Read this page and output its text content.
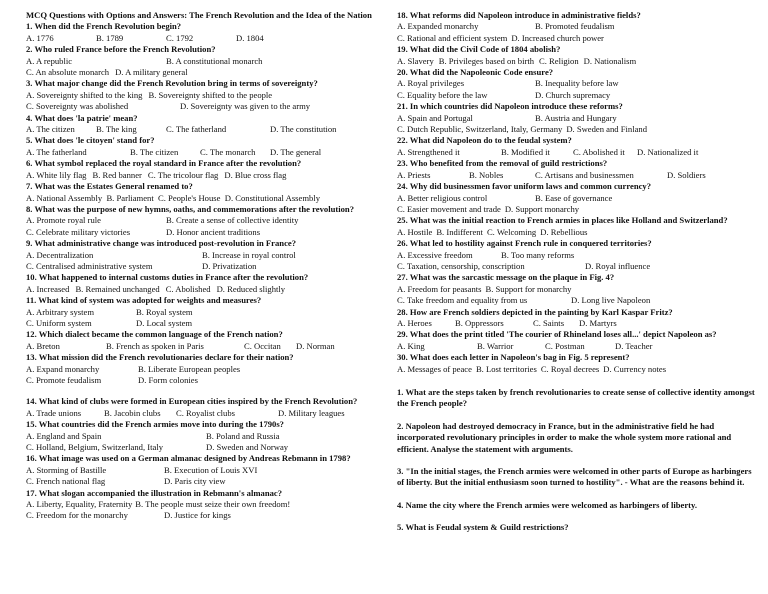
MCQ Questions with Options and Answers: The French Revolution and the Idea of the Nation
1. When did the French Revolution begin?
A. 1776	B. 1789	C. 1792	D. 1804
2. Who ruled France before the French Revolution?
A. A republic	B. A constitutional monarch
C. An absolute monarch D. A military general
3. What major change did the French Revolution bring in terms of sovereignty?
A. Sovereignty shifted to the king B. Sovereignty shifted to the people
C. Sovereignty was abolished	D. Sovereignty was given to the army
4. What does 'la patrie' mean?
A. The citizen	B. The king	C. The fatherland	D. The constitution
5. What does 'le citoyen' stand for?
A. The fatherland	B. The citizen	C. The monarch	D. The general
6. What symbol replaced the royal standard in France after the revolution?
A. White lily flag B. Red banner C. The tricolour flag D. Blue cross flag
7. What was the Estates General renamed to?
A. National Assembly B. Parliament C. People's House D. Constitutional Assembly
8. What was the purpose of new hymns, oaths, and commemorations after the revolution?
A. Promote royal rule	B. Create a sense of collective identity
C. Celebrate military victories	D. Honor ancient traditions
9. What administrative change was introduced post-revolution in France?
A. Decentralization	B. Increase in royal control
C. Centralised administrative system	D. Privatization
10. What happened to internal customs duties in France after the revolution?
A. Increased B. Remained unchanged C. Abolished D. Reduced slightly
11. What kind of system was adopted for weights and measures?
A. Arbitrary system	B. Royal system
C. Uniform system	D. Local system
12. Which dialect became the common language of the French nation?
A. Breton	B. French as spoken in Paris	C. Occitan	D. Norman
13. What mission did the French revolutionaries declare for their nation?
A. Expand monarchy	B. Liberate European peoples
C. Promote feudalism	D. Form colonies
14. What kind of clubs were formed in European cities inspired by the French Revolution?
A. Trade unions	B. Jacobin clubs	C. Royalist clubs	D. Military leagues
15. What countries did the French armies move into during the 1790s?
A. England and Spain	B. Poland and Russia
C. Holland, Belgium, Switzerland, Italy	D. Sweden and Norway
16. What image was used on a German almanac designed by Andreas Rebmann in 1798?
A. Storming of Bastille	B. Execution of Louis XVI
C. French national flag	D. Paris city view
17. What slogan accompanied the illustration in Rebmann's almanac?
A. Liberty, Equality, Fraternity B. The people must seize their own freedom!
C. Freedom for the monarchy	D. Justice for kings
18. What reforms did Napoleon introduce in administrative fields?
A. Expanded monarchy	B. Promoted feudalism
C. Rational and efficient system D. Increased church power
19. What did the Civil Code of 1804 abolish?
A. Slavery B. Privileges based on birth C. Religion D. Nationalism
20. What did the Napoleonic Code ensure?
A. Royal privileges	B. Inequality before law
C. Equality before the law	D. Church supremacy
21. In which countries did Napoleon introduce these reforms?
A. Spain and Portugal	B. Austria and Hungary
C. Dutch Republic, Switzerland, Italy, Germany D. Sweden and Finland
22. What did Napoleon do to the feudal system?
A. Strengthened it	B. Modified it	C. Abolished it	D. Nationalized it
23. Who benefited from the removal of guild restrictions?
A. Priests	B. Nobles	C. Artisans and businessmen	D. Soldiers
24. Why did businessmen favor uniform laws and common currency?
A. Better religious control	B. Ease of governance
C. Easier movement and trade D. Support monarchy
25. What was the initial reaction to French armies in places like Holland and Switzerland?
A. Hostile B. Indifferent C. Welcoming D. Rebellious
26. What led to hostility against French rule in conquered territories?
A. Excessive freedom	B. Too many reforms
C. Taxation, censorship, conscription	D. Royal influence
27. What was the sarcastic message on the plaque in Fig. 4?
A. Freedom for peasants B. Support for monarchy
C. Take freedom and equality from us	D. Long live Napoleon
28. How are French soldiers depicted in the painting by Karl Kaspar Fritz?
A. Heroes	B. Oppressors	C. Saints	D. Martyrs
29. What does the print titled 'The courier of Rhineland loses all...' depict Napoleon as?
A. King	B. Warrior	C. Postman	D. Teacher
30. What does each letter in Napoleon's bag in Fig. 5 represent?
A. Messages of peace B. Lost territories C. Royal decrees D. Currency notes
1. What are the steps taken by french revolutionaries to create sense of collective identity amongst the French people?
2. Napoleon had destroyed democracy in France, but in the administrative field he had incorporated revolutionary principles in order to make the whole system more rational and efficient. Analyse the statement with arguments.
3. "In the initial stages, the French armies were welcomed in other parts of Europe as harbingers of liberty. But the initial enthusiasm soon turned to hostility". - What are the reasons behind it.
4. Name the city where the French armies were welcomed as harbingers of liberty.
5. What is Feudal system & Guild restrictions?
